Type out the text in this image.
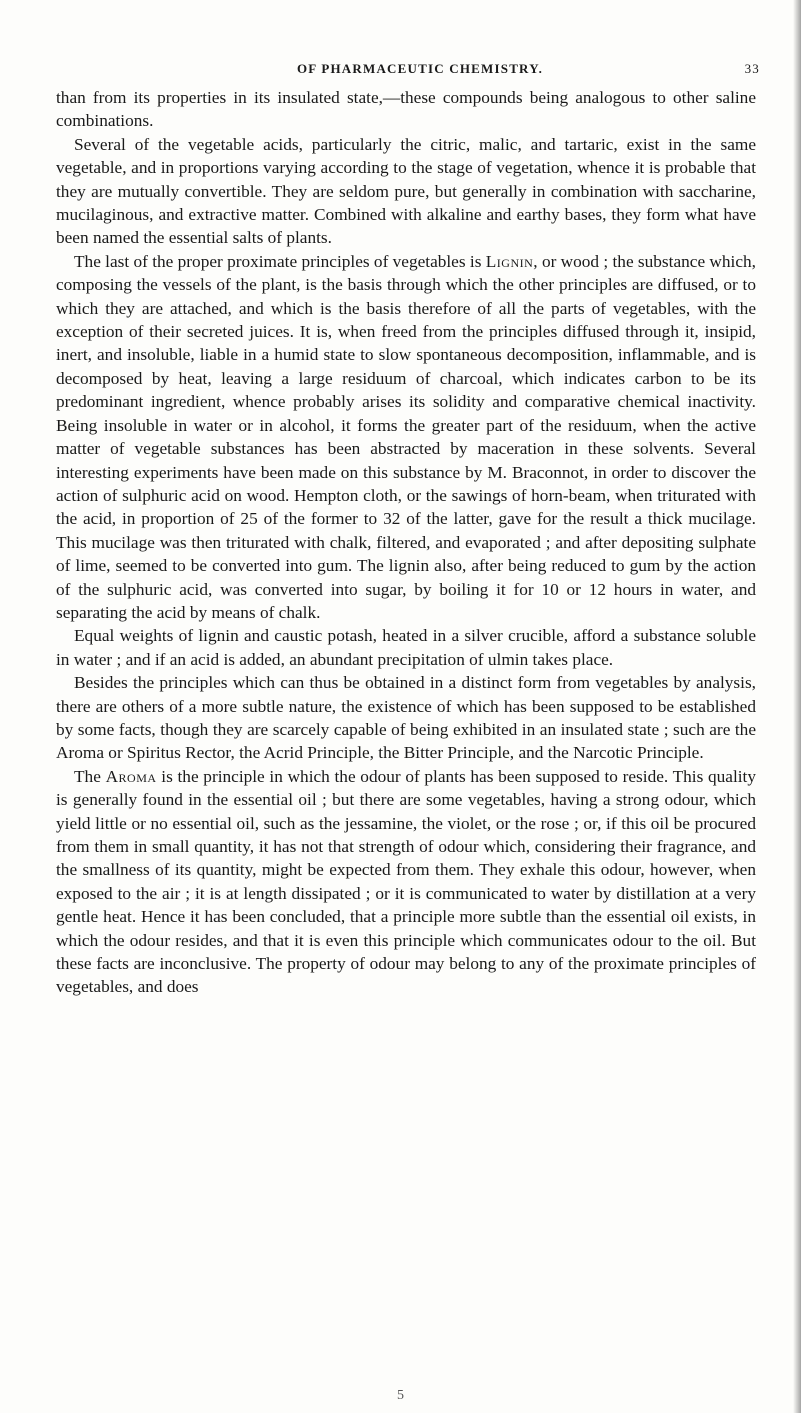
OF PHARMACEUTIC CHEMISTRY.	33

than from its properties in its insulated state,—these compounds being analogous to other saline combinations.

Several of the vegetable acids, particularly the citric, malic, and tartaric, exist in the same vegetable, and in proportions varying according to the stage of vegetation, whence it is probable that they are mutually convertible. They are seldom pure, but generally in combination with saccharine, mucilaginous, and extractive matter. Combined with alkaline and earthy bases, they form what have been named the essential salts of plants.

The last of the proper proximate principles of vegetables is Lignin, or wood ; the substance which, composing the vessels of the plant, is the basis through which the other principles are diffused, or to which they are attached, and which is the basis therefore of all the parts of vegetables, with the exception of their secreted juices. It is, when freed from the principles diffused through it, insipid, inert, and insoluble, liable in a humid state to slow spontaneous decomposition, inflammable, and is decomposed by heat, leaving a large residuum of charcoal, which indicates carbon to be its predominant ingredient, whence probably arises its solidity and comparative chemical inactivity. Being insoluble in water or in alcohol, it forms the greater part of the residuum, when the active matter of vegetable substances has been abstracted by maceration in these solvents. Several interesting experiments have been made on this substance by M. Braconnot, in order to discover the action of sulphuric acid on wood. Hempton cloth, or the sawings of horn-beam, when triturated with the acid, in proportion of 25 of the former to 32 of the latter, gave for the result a thick mucilage. This mucilage was then triturated with chalk, filtered, and evaporated ; and after depositing sulphate of lime, seemed to be converted into gum. The lignin also, after being reduced to gum by the action of the sulphuric acid, was converted into sugar, by boiling it for 10 or 12 hours in water, and separating the acid by means of chalk.

Equal weights of lignin and caustic potash, heated in a silver crucible, afford a substance soluble in water ; and if an acid is added, an abundant precipitation of ulmin takes place.

Besides the principles which can thus be obtained in a distinct form from vegetables by analysis, there are others of a more subtle nature, the existence of which has been supposed to be established by some facts, though they are scarcely capable of being exhibited in an insulated state ; such are the Aroma or Spiritus Rector, the Acrid Principle, the Bitter Principle, and the Narcotic Principle.

The Aroma is the principle in which the odour of plants has been supposed to reside. This quality is generally found in the essential oil ; but there are some vegetables, having a strong odour, which yield little or no essential oil, such as the jessamine, the violet, or the rose ; or, if this oil be procured from them in small quantity, it has not that strength of odour which, considering their fragrance, and the smallness of its quantity, might be expected from them. They exhale this odour, however, when exposed to the air ; it is at length dissipated ; or it is communicated to water by distillation at a very gentle heat. Hence it has been concluded, that a principle more subtle than the essential oil exists, in which the odour resides, and that it is even this principle which communicates odour to the oil. But these facts are inconclusive. The property of odour may belong to any of the proximate principles of vegetables, and does

5
